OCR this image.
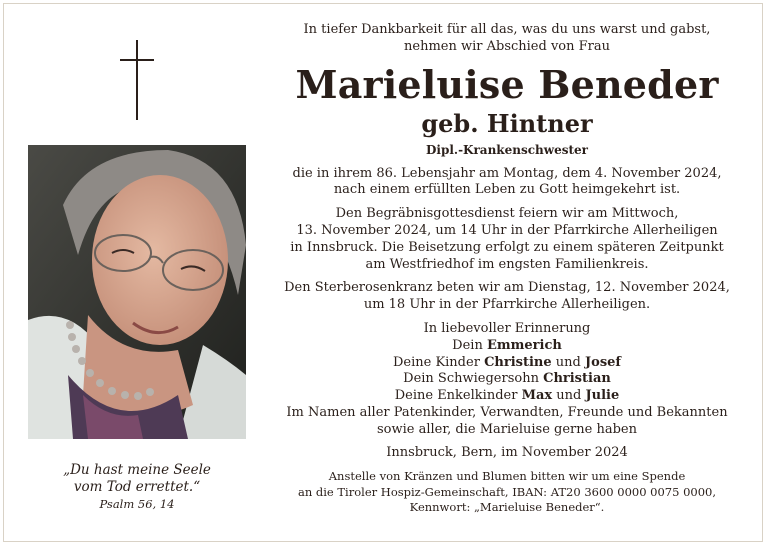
„Du hast meine Seele
vom Tod errettet.“
Psalm 56, 14

In tiefer Dankbarkeit für all das, was du uns warst und gabst,

nehmen wir Abschied von Frau

Marieluise Beneder

geb. Hintner

Dipl.-Krankenschwester

die in ihrem 86. Lebensjahr am Montag, dem 4. November 2024,

nach einem erfüllten Leben zu Gott heimgekehrt ist.

Den Begräbnisgottesdienst feiern wir am Mittwoch,

13. November 2024, um 14 Uhr in der Pfarrkirche Allerheiligen

in Innsbruck. Die Beisetzung erfolgt zu einem späteren Zeitpunkt

am Westfriedhof im engsten Familienkreis.

Den Sterberosenkranz beten wir am Dienstag, 12. November 2024,

um 18 Uhr in der Pfarrkirche Allerheiligen.

In liebevoller Erinnerung

Dein Emmerich

Deine Kinder Christine und Josef

Dein Schwiegersohn Christian

Deine Enkelkinder Max und Julie

Im Namen aller Patenkinder, Verwandten, Freunde und Bekannten

sowie aller, die Marieluise gerne haben

Innsbruck, Bern, im November 2024

Anstelle von Kränzen und Blumen bitten wir um eine Spende

an die Tiroler Hospiz-Gemeinschaft, IBAN: AT20 3600 0000 0075 0000,

Kennwort: „Marieluise Beneder“.
